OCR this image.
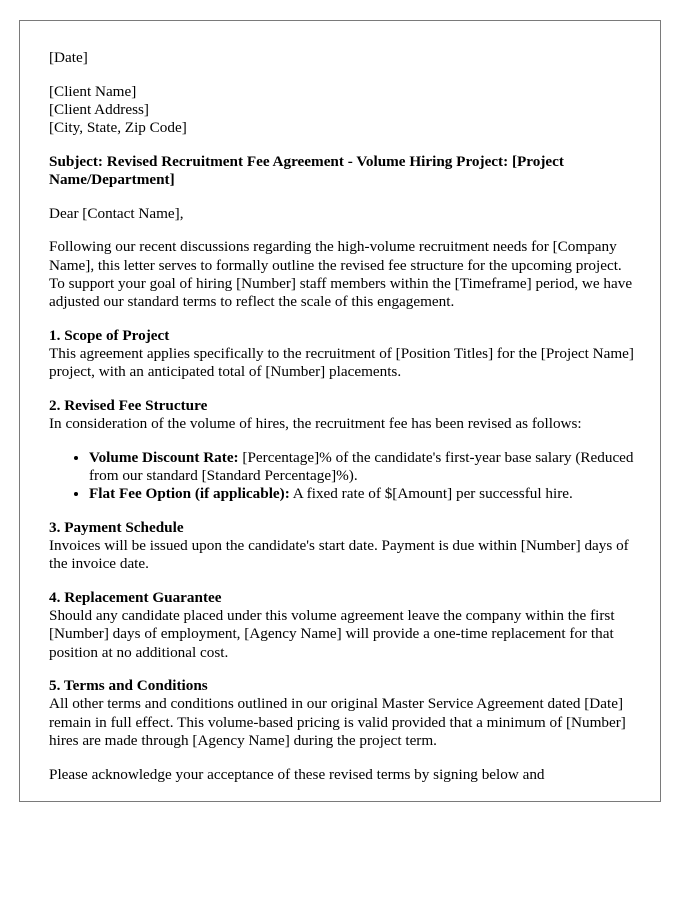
[Date]

[Client Name]
[Client Address]
[City, State, Zip Code]

Subject: Revised Recruitment Fee Agreement - Volume Hiring Project: [Project Name/Department]

Dear [Contact Name],

Following our recent discussions regarding the high-volume recruitment needs for [Company Name], this letter serves to formally outline the revised fee structure for the upcoming project. To support your goal of hiring [Number] staff members within the [Timeframe] period, we have adjusted our standard terms to reflect the scale of this engagement.

1. Scope of Project
This agreement applies specifically to the recruitment of [Position Titles] for the [Project Name] project, with an anticipated total of [Number] placements.

2. Revised Fee Structure
In consideration of the volume of hires, the recruitment fee has been revised as follows:

• Volume Discount Rate: [Percentage]% of the candidate's first-year base salary (Reduced from our standard [Standard Percentage]%).
• Flat Fee Option (if applicable): A fixed rate of $[Amount] per successful hire.

3. Payment Schedule
Invoices will be issued upon the candidate's start date. Payment is due within [Number] days of the invoice date.

4. Replacement Guarantee
Should any candidate placed under this volume agreement leave the company within the first [Number] days of employment, [Agency Name] will provide a one-time replacement for that position at no additional cost.

5. Terms and Conditions
All other terms and conditions outlined in our original Master Service Agreement dated [Date] remain in full effect. This volume-based pricing is valid provided that a minimum of [Number] hires are made through [Agency Name] during the project term.

Please acknowledge your acceptance of these revised terms by signing below and
